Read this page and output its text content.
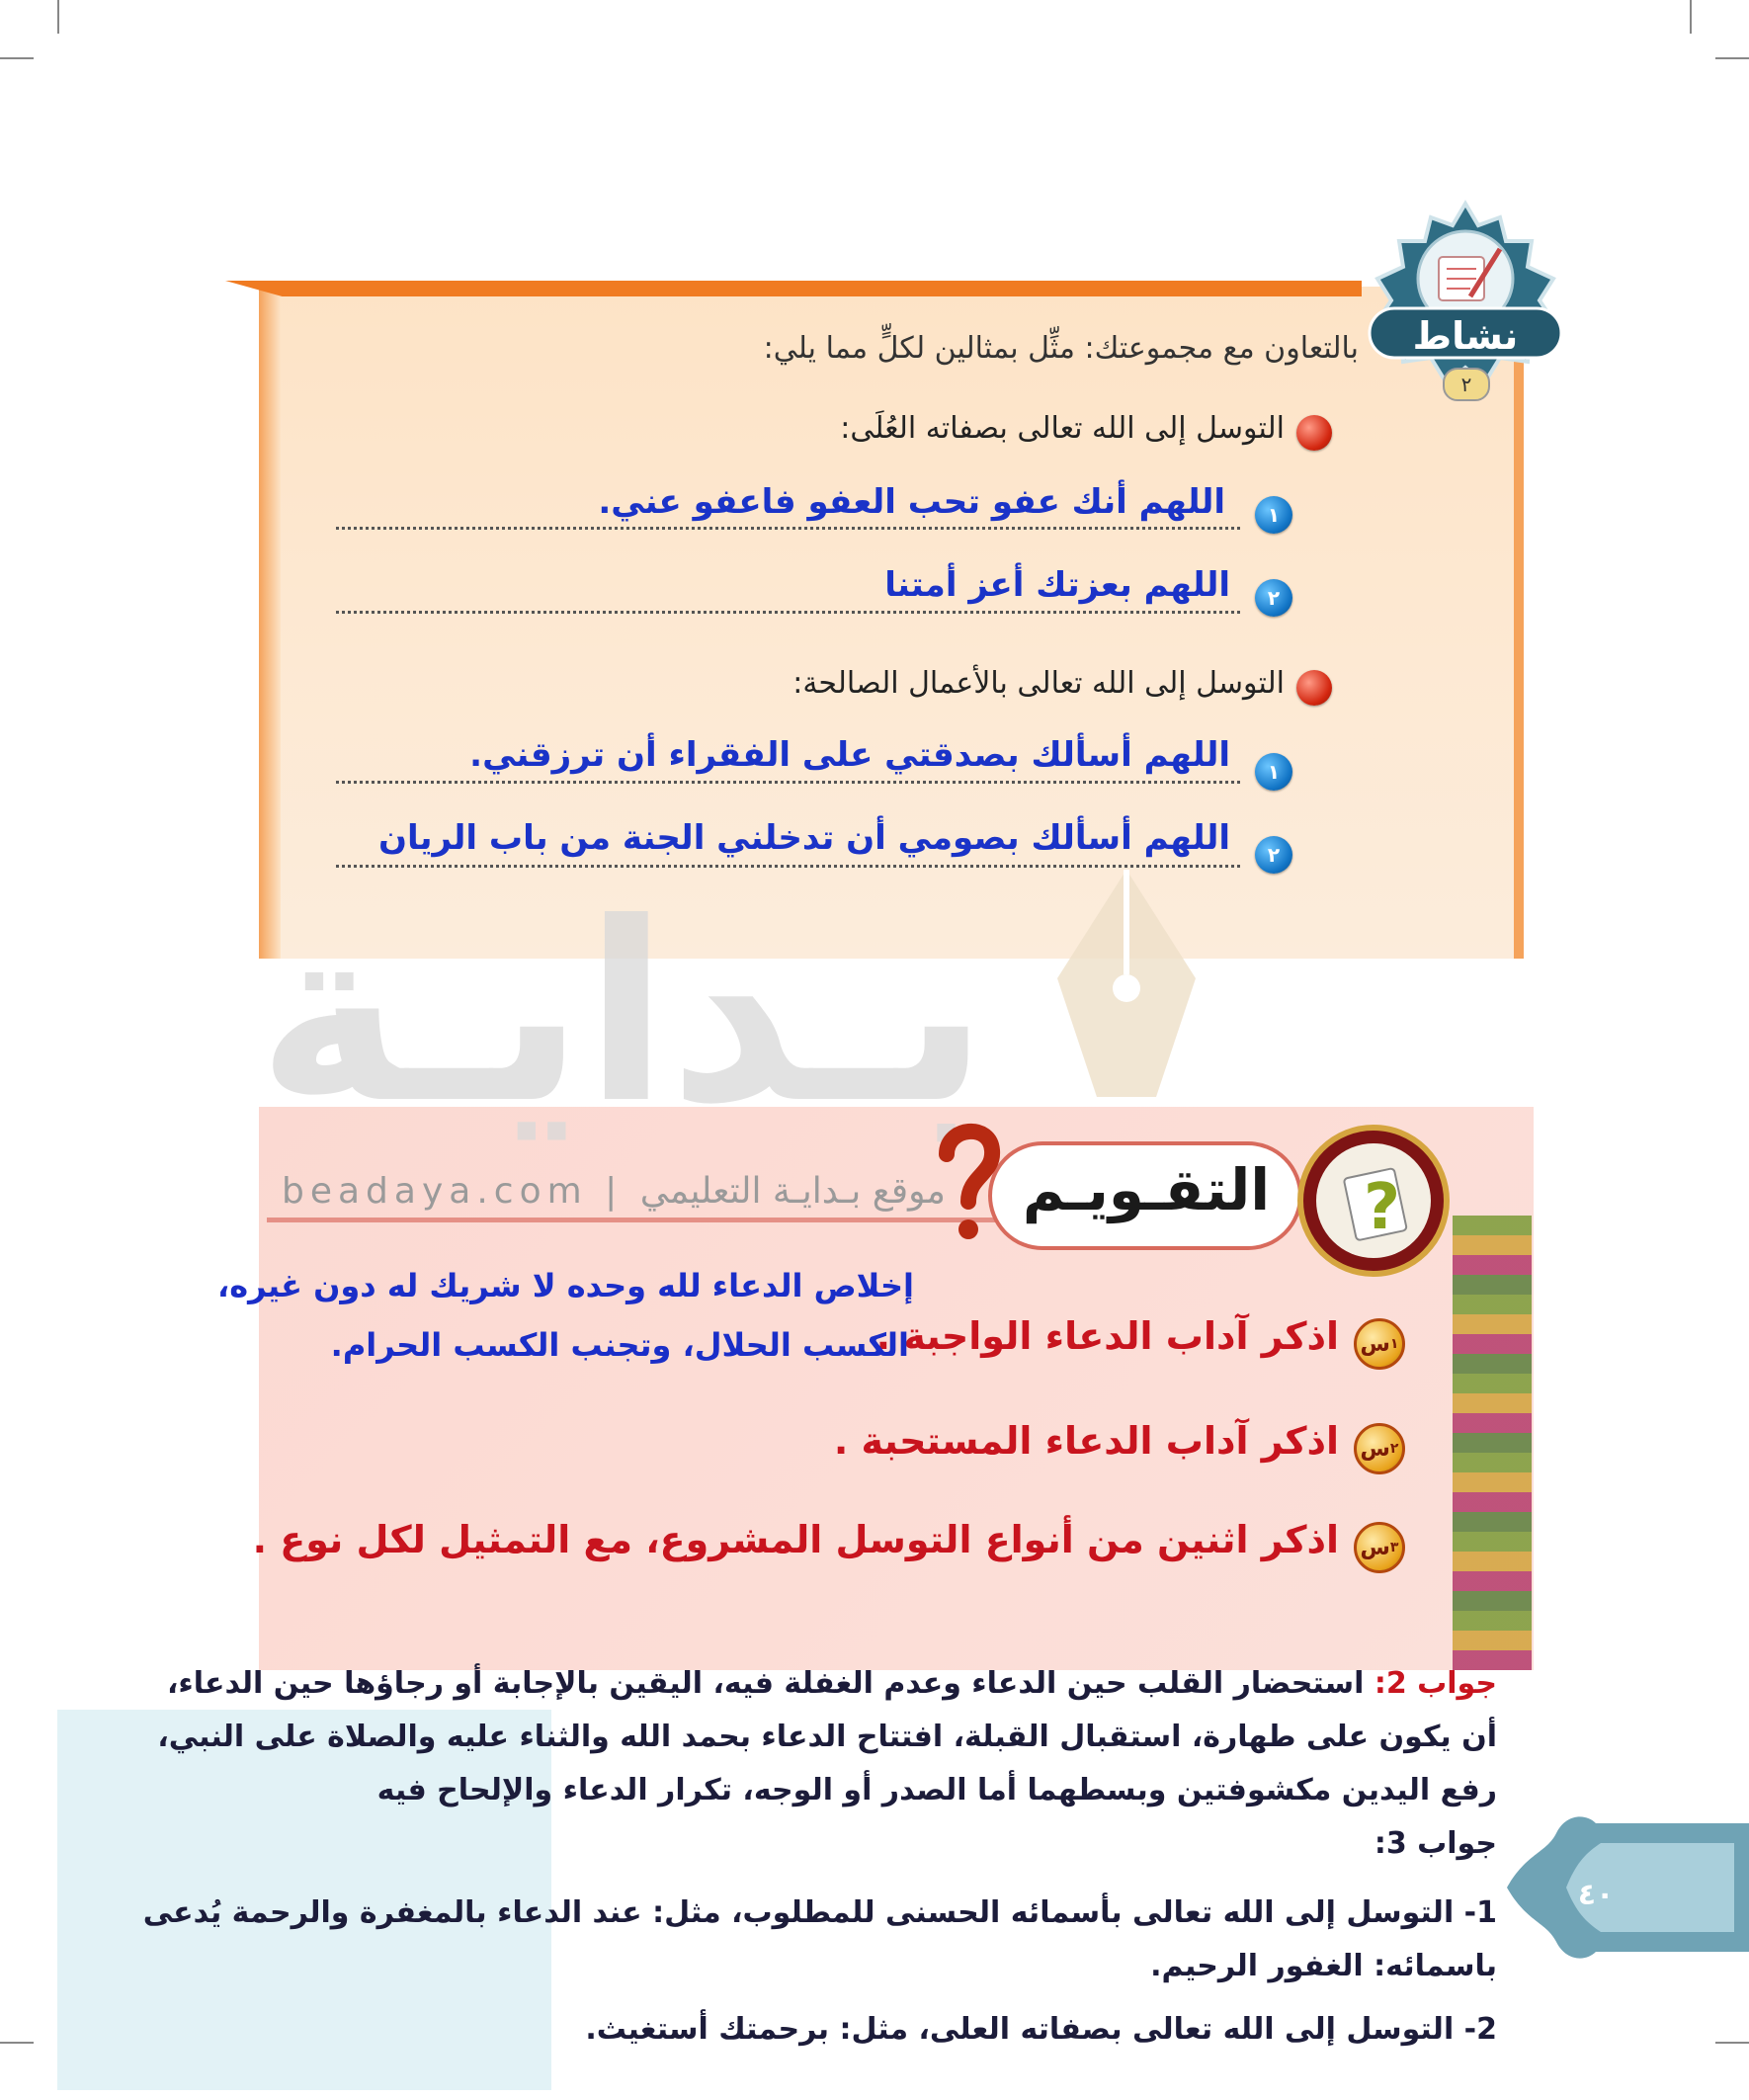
نشاط
٢
بالتعاون مع مجموعتك: مثِّل بمثالين لكلٍّ مما يلي:
التوسل إلى الله تعالى بصفاته العُلَى:
١
اللهم أنك عفو تحب العفو فاعفو عني.
٢
اللهم بعزتك أعز أمتنا
التوسل إلى الله تعالى بالأعمال الصالحة:
١
اللهم أسألك بصدقتي على الفقراء أن ترزقني.
٢
اللهم أسألك بصومي أن تدخلني الجنة من باب الريان
بـدايـة
beadaya.com | موقع بـدايـة التعليمي التقـويـم ?
س ١
اذكر آداب الدعاء الواجبة .
إخلاص الدعاء لله وحده لا شريك له دون غيره،
الكسب الحلال، وتجنب الكسب الحرام.
س ٢
اذكر آداب الدعاء المستحبة .
س ٣
اذكر اثنين من أنواع التوسل المشروع، مع التمثيل لكل نوع .
٤٠
جواب 2: استحضار القلب حين الدعاء وعدم الغفلة فيه، اليقين بالإجابة أو رجاؤها حين الدعاء،
أن يكون على طهارة، استقبال القبلة، افتتاح الدعاء بحمد الله والثناء عليه والصلاة على النبي،
رفع اليدين مكشوفتين وبسطهما أما الصدر أو الوجه، تكرار الدعاء والإلحاح فيه
جواب 3:
1- التوسل إلى الله تعالى بأسمائه الحسنى للمطلوب، مثل: عند الدعاء بالمغفرة والرحمة يُدعى
باسمائه: الغفور الرحيم.
2- التوسل إلى الله تعالى بصفاته العلى، مثل: برحمتك أستغيث.
